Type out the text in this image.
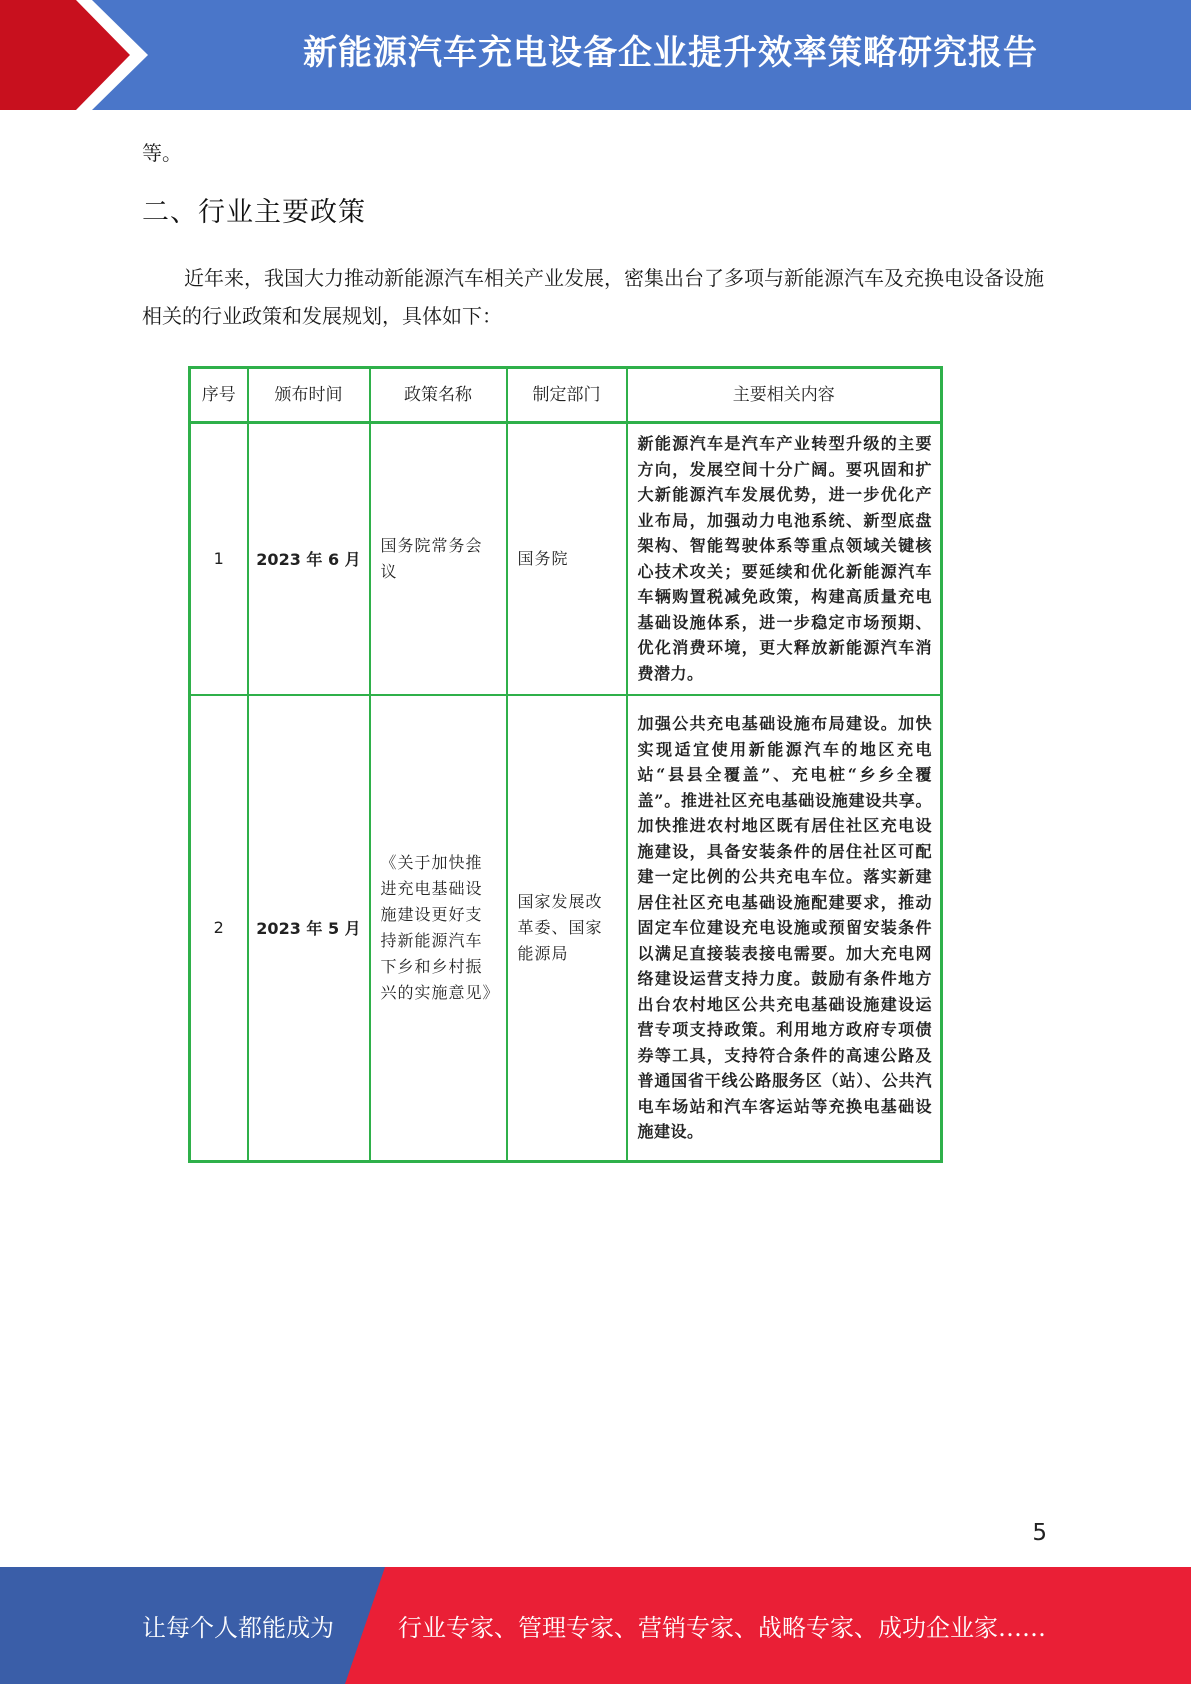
新能源汽车充电设备企业提升效率策略研究报告
等。
二、行业主要政策
近年来，我国大力推动新能源汽车相关产业发展，密集出台了多项与新能源汽车及充换电设备设施相关的行业政策和发展规划，具体如下：
序号	颁布时间	政策名称	制定部门	主要相关内容
1	2023 年 6 月	国务院常务会议	国务院	新能源汽车是汽车产业转型升级的主要方向，发展空间十分广阔。要巩固和扩大新能源汽车发展优势，进一步优化产业布局，加强动力电池系统、新型底盘架构、智能驾驶体系等重点领域关键核心技术攻关；要延续和优化新能源汽车车辆购置税减免政策，构建高质量充电基础设施体系，进一步稳定市场预期、优化消费环境，更大释放新能源汽车消费潜力。
2	2023 年 5 月	《关于加快推进充电基础设施建设更好支持新能源汽车下乡和乡村振兴的实施意见》	国家发展改革委、国家能源局	加强公共充电基础设施布局建设。加快实现适宜使用新能源汽车的地区充电站“县县全覆盖”、充电桩“乡乡全覆盖”。推进社区充电基础设施建设共享。加快推进农村地区既有居住社区充电设施建设，具备安装条件的居住社区可配建一定比例的公共充电车位。落实新建居住社区充电基础设施配建要求，推动固定车位建设充电设施或预留安装条件以满足直接装表接电需要。加大充电网络建设运营支持力度。鼓励有条件地方出台农村地区公共充电基础设施建设运营专项支持政策。利用地方政府专项债券等工具，支持符合条件的高速公路及普通国省干线公路服务区（站）、公共汽电车场站和汽车客运站等充换电基础设施建设。
5
让每个人都能成为	行业专家、管理专家、营销专家、战略专家、成功企业家……
